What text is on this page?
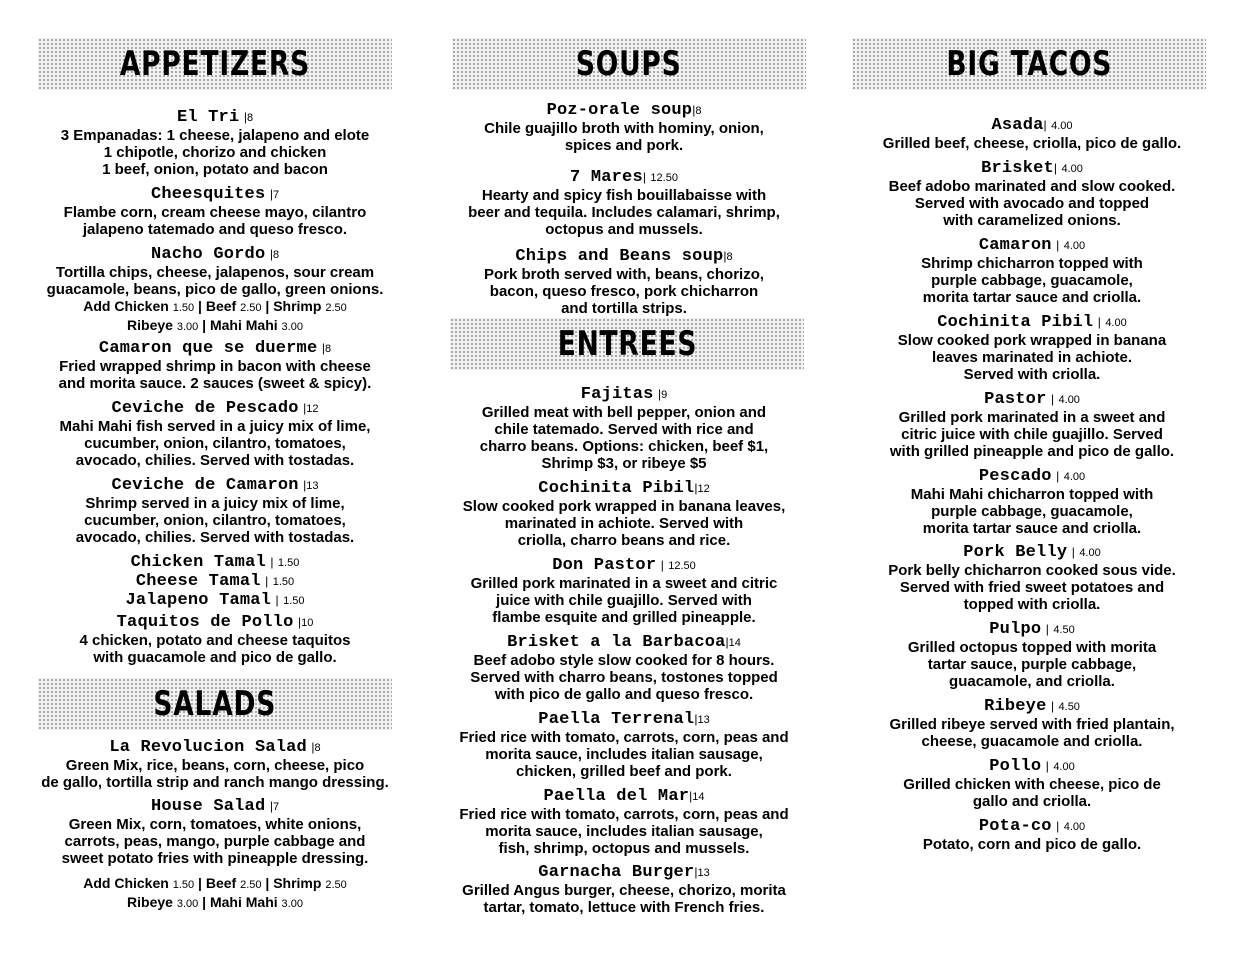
APPETIZERS
El Tri |8
3 Empanadas: 1 cheese, jalapeno and elote
1 chipotle, chorizo and chicken
1 beef, onion, potato and bacon
Cheesquites |7
Flambe corn, cream cheese mayo, cilantro
jalapeno tatemado and queso fresco.
Nacho Gordo |8
Tortilla chips, cheese, jalapenos, sour cream
guacamole, beans, pico de gallo, green onions.
Add Chicken 1.50 | Beef 2.50 | Shrimp 2.50
Ribeye 3.00 | Mahi Mahi 3.00
Camaron que se duerme |8
Fried wrapped shrimp in bacon with cheese
and morita sauce. 2 sauces (sweet & spicy).
Ceviche de Pescado |12
Mahi Mahi fish served in a juicy mix of lime,
cucumber, onion, cilantro, tomatoes,
avocado, chilies. Served with tostadas.
Ceviche de Camaron |13
Shrimp served in a juicy mix of lime,
cucumber, onion, cilantro, tomatoes,
avocado, chilies. Served with tostadas.
Chicken Tamal | 1.50
Cheese Tamal | 1.50
Jalapeno Tamal | 1.50
Taquitos de Pollo |10
4 chicken, potato and cheese taquitos
with guacamole and pico de gallo.
SALADS
La Revolucion Salad |8
Green Mix, rice, beans, corn, cheese, pico
de gallo, tortilla strip and ranch mango dressing.
House Salad |7
Green Mix, corn, tomatoes, white onions,
carrots, peas, mango, purple cabbage and
sweet potato fries with pineapple dressing.
Add Chicken 1.50 | Beef 2.50 | Shrimp 2.50
Ribeye 3.00 | Mahi Mahi 3.00
SOUPS
Poz-orale soup|8
Chile guajillo broth with hominy, onion,
spices and pork.
7 Mares| 12.50
Hearty and spicy fish bouillabaisse with
beer and tequila. Includes calamari, shrimp,
octopus and mussels.
Chips and Beans soup|8
Pork broth served with, beans, chorizo,
bacon, queso fresco, pork chicharron
and tortilla strips.
ENTREES
Fajitas |9
Grilled meat with bell pepper, onion and
chile tatemado. Served with rice and
charro beans. Options: chicken, beef $1,
Shrimp $3, or ribeye $5
Cochinita Pibil|12
Slow cooked pork wrapped in banana leaves,
marinated in achiote. Served with
criolla, charro beans and rice.
Don Pastor | 12.50
Grilled pork marinated in a sweet and citric
juice with chile guajillo. Served with
flambe esquite and grilled pineapple.
Brisket a la Barbacoa|14
Beef adobo style slow cooked for 8 hours.
Served with charro beans, tostones topped
with pico de gallo and queso fresco.
Paella Terrenal|13
Fried rice with tomato, carrots, corn, peas and
morita sauce, includes italian sausage,
chicken, grilled beef and pork.
Paella del Mar|14
Fried rice with tomato, carrots, corn, peas and
morita sauce, includes italian sausage,
fish, shrimp, octopus and mussels.
Garnacha Burger|13
Grilled Angus burger, cheese, chorizo, morita
tartar, tomato, lettuce with French fries.
BIG TACOS
Asada| 4.00
Grilled beef, cheese, criolla, pico de gallo.
Brisket| 4.00
Beef adobo marinated and slow cooked.
Served with avocado and topped
with caramelized onions.
Camaron | 4.00
Shrimp chicharron topped with
purple cabbage, guacamole,
morita tartar sauce and criolla.
Cochinita Pibil | 4.00
Slow cooked pork wrapped in banana
leaves marinated in achiote.
Served with criolla.
Pastor | 4.00
Grilled pork marinated in a sweet and
citric juice with chile guajillo. Served
with grilled pineapple and pico de gallo.
Pescado | 4.00
Mahi Mahi chicharron topped with
purple cabbage, guacamole,
morita tartar sauce and criolla.
Pork Belly | 4.00
Pork belly chicharron cooked sous vide.
Served with fried sweet potatoes and
topped with criolla.
Pulpo | 4.50
Grilled octopus topped with morita
tartar sauce, purple cabbage,
guacamole, and criolla.
Ribeye | 4.50
Grilled ribeye served with fried plantain,
cheese, guacamole and criolla.
Pollo | 4.00
Grilled chicken with cheese, pico de
gallo and criolla.
Pota-co | 4.00
Potato, corn and pico de gallo.
